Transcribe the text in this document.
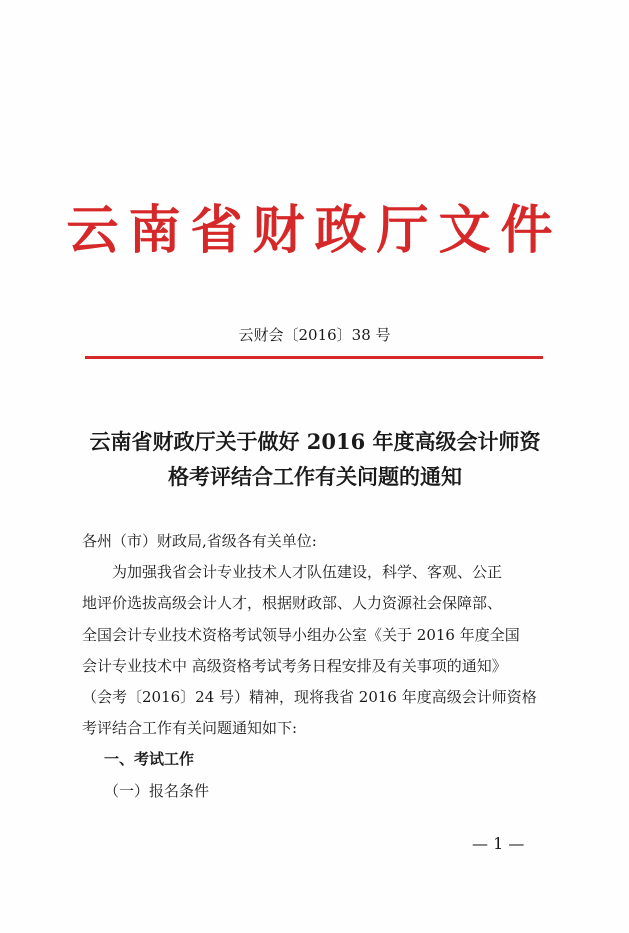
云南省财政厅文件
云财会〔2016〕38 号
云南省财政厅关于做好 2016 年度高级会计师资
格考评结合工作有关问题的通知
各州（市）财政局,省级各有关单位:
为加强我省会计专业技术人才队伍建设，科学、客观、公正
地评价选拔高级会计人才，根据财政部、人力资源社会保障部、
全国会计专业技术资格考试领导小组办公室《关于 2016 年度全国
会计专业技术中 高级资格考试考务日程安排及有关事项的通知》
（会考〔2016〕24 号）精神，现将我省 2016 年度高级会计师资格
考评结合工作有关问题通知如下:
一、考试工作
（一）报名条件
— 1 —
